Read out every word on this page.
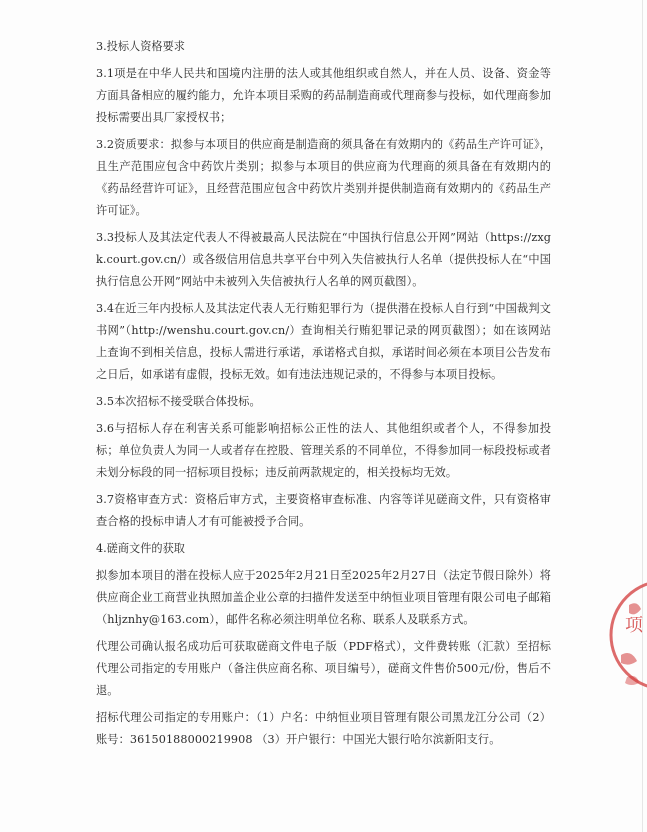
3.投标人资格要求
3.1项是在中华人民共和国境内注册的法人或其他组织或自然人，并在人员、设备、资金等方面具备相应的履约能力，允许本项目采购的药品制造商或代理商参与投标，如代理商参加投标需要出具厂家授权书；
3.2资质要求：拟参与本项目的供应商是制造商的须具备在有效期内的《药品生产许可证》，且生产范围应包含中药饮片类别；拟参与本项目的供应商为代理商的须具备在有效期内的《药品经营许可证》，且经营范围应包含中药饮片类别并提供制造商有效期内的《药品生产许可证》。
3.3投标人及其法定代表人不得被最高人民法院在“中国执行信息公开网”网站（https://zxgk.court.gov.cn/）或各级信用信息共享平台中列入失信被执行人名单（提供投标人在“中国执行信息公开网”网站中未被列入失信被执行人名单的网页截图）。
3.4在近三年内投标人及其法定代表人无行贿犯罪行为（提供潜在投标人自行到“中国裁判文书网”（http://wenshu.court.gov.cn/）查询相关行贿犯罪记录的网页截图）；如在该网站上查询不到相关信息，投标人需进行承诺，承诺格式自拟，承诺时间必须在本项目公告发布之日后，如承诺有虚假，投标无效。如有违法违规记录的，不得参与本项目投标。
3.5本次招标不接受联合体投标。
3.6与招标人存在利害关系可能影响招标公正性的法人、其他组织或者个人，不得参加投标；单位负责人为同一人或者存在控股、管理关系的不同单位，不得参加同一标段投标或者未划分标段的同一招标项目投标；违反前两款规定的，相关投标均无效。
3.7资格审查方式：资格后审方式，主要资格审查标准、内容等详见磋商文件，只有资格审查合格的投标申请人才有可能被授予合同。
4.磋商文件的获取
拟参加本项目的潜在投标人应于2025年2月21日至2025年2月27日（法定节假日除外）将供应商企业工商营业执照加盖企业公章的扫描件发送至中纳恒业项目管理有限公司电子邮箱（hljznhy@163.com），邮件名称必须注明单位名称、联系人及联系方式。
代理公司确认报名成功后可获取磋商文件电子版（PDF格式），文件费转账（汇款）至招标代理公司指定的专用账户（备注供应商名称、项目编号），磋商文件售价500元/份，售后不退。
招标代理公司指定的专用账户：（1）户名：中纳恒业项目管理有限公司黑龙江分公司（2）账号：36150188000219908 （3）开户银行：中国光大银行哈尔滨新阳支行。
项
